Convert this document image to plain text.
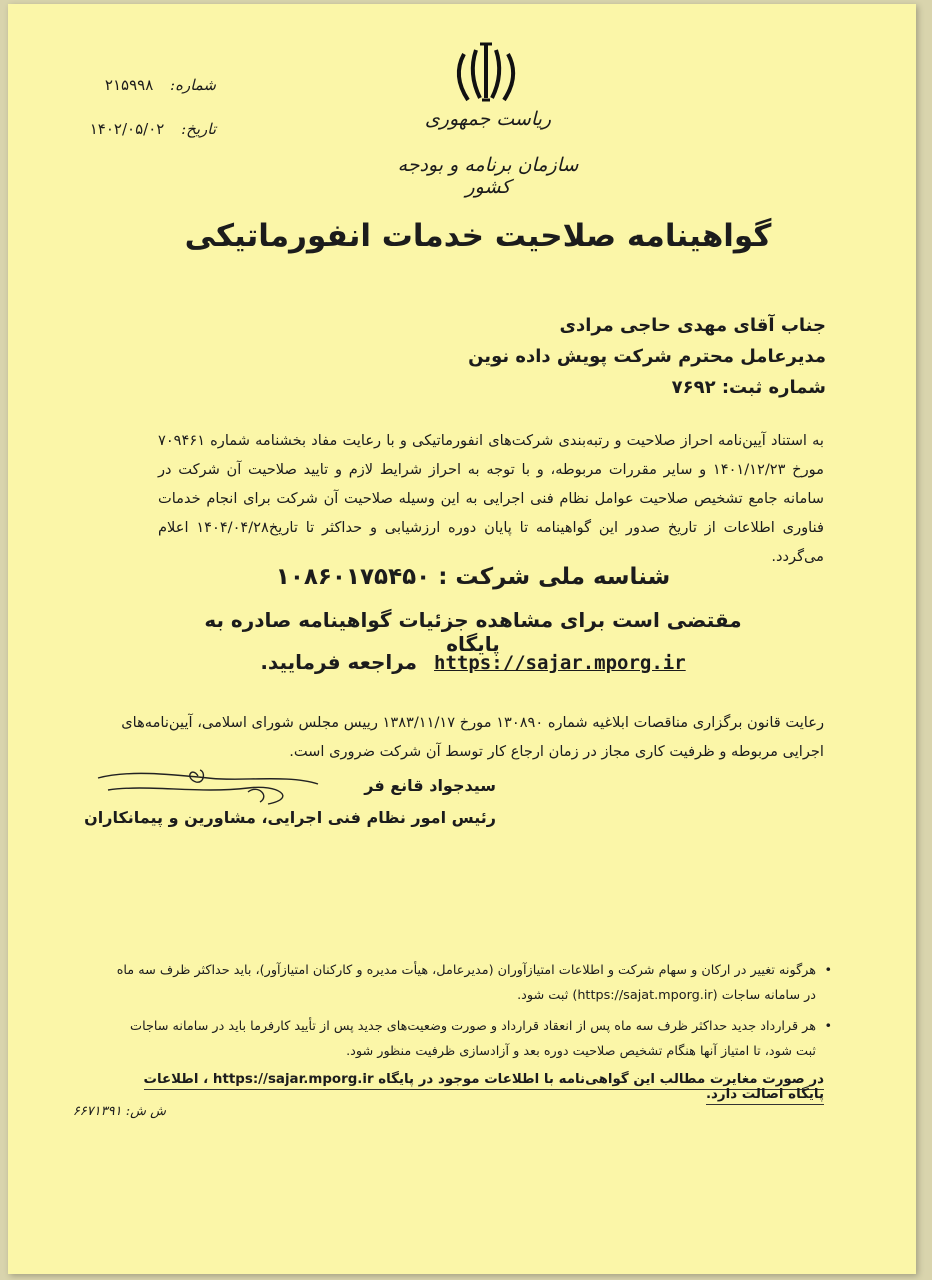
ریاست جمهوری
سازمان برنامه و بودجه کشور
شماره: ۲۱۵۹۹۸
تاریخ: ۱۴۰۲/۰۵/۰۲
گواهینامه صلاحیت خدمات انفورماتیکی
جناب آقای مهدی حاجی مرادی
مدیرعامل محترم شرکت پویش داده نوین
شماره ثبت: ۷۶۹۲
به استناد آیین‌نامه احراز صلاحیت و رتبه‌بندی شرکت‌های انفورماتیکی و با رعایت مفاد بخشنامه شماره ۷۰۹۴۶۱ مورخ ۱۴۰۱/۱۲/۲۳ و سایر مقررات مربوطه، و با توجه به احراز شرایط لازم و تایید صلاحیت آن شرکت در سامانه جامع تشخیص صلاحیت عوامل نظام فنی اجرایی به این وسیله صلاحیت آن شرکت برای انجام خدمات فناوری اطلاعات از تاریخ صدور این گواهینامه تا پایان دوره ارزشیابی و حداکثر تا تاریخ۱۴۰۴/۰۴/۲۸ اعلام می‌گردد.
شناسه ملی شرکت : ۱۰۸۶۰۱۷۵۴۵۰
مقتضی است برای مشاهده جزئیات گواهینامه صادره به پایگاه
https://sajar.mporg.ir مراجعه فرمایید.
رعایت قانون برگزاری مناقصات ابلاغیه شماره ۱۳۰۸۹۰ مورخ ۱۳۸۳/۱۱/۱۷ رییس مجلس شورای اسلامی، آیین‌نامه‌های اجرایی مربوطه و ظرفیت کاری مجاز در زمان ارجاع کار توسط آن شرکت ضروری است.
سیدجواد قانع فر
رئیس امور نظام فنی اجرایی، مشاورین و پیمانکاران
•
هرگونه تغییر در ارکان و سهام شرکت و اطلاعات امتیازآوران (مدیرعامل، هیأت مدیره و کارکنان امتیازآور)، باید حداکثر ظرف سه ماه در سامانه ساجات (https://sajat.mporg.ir) ثبت شود.
•
هر قرارداد جدید حداکثر ظرف سه ماه پس از انعقاد قرارداد و صورت وضعیت‌های جدید پس از تأیید کارفرما باید در سامانه ساجات ثبت شود، تا امتیاز آنها هنگام تشخیص صلاحیت دوره بعد و آزادسازی ظرفیت منظور شود.
در صورت مغایرت مطالب این گواهی‌نامه با اطلاعات موجود در پایگاه https://sajar.mporg.ir ، اطلاعات پایگاه اصالت دارد.
ش ش: ۶۶۷۱۳۹۱
